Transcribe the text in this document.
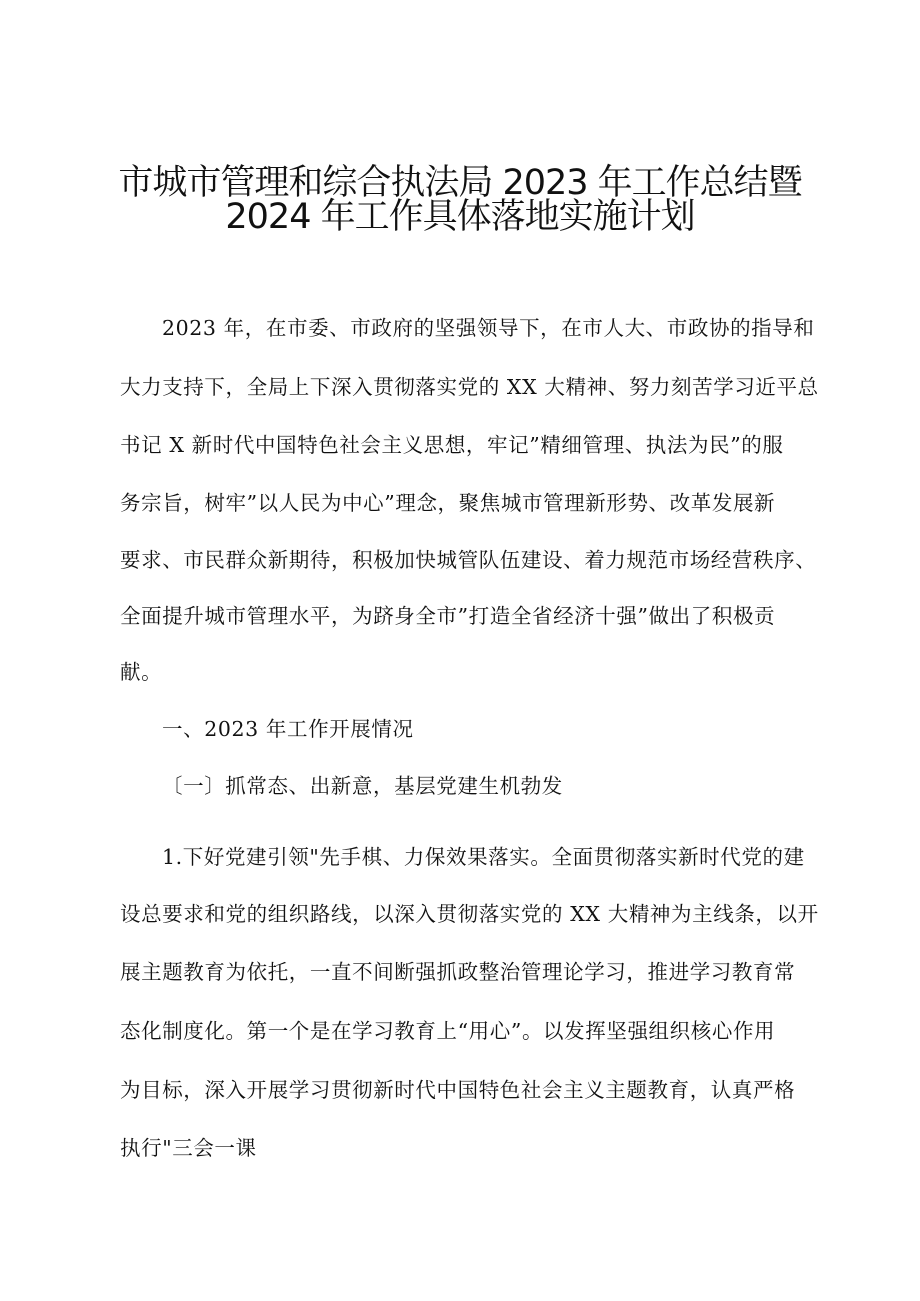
市城市管理和综合执法局 2023 年工作总结暨
2024 年工作具体落地实施计划
2023 年，在市委、市政府的坚强领导下，在市人大、市政协的指导和
大力支持下，全局上下深入贯彻落实党的 XX 大精神、努力刻苦学习近平总
书记 X 新时代中国特色社会主义思想，牢记”精细管理、执法为民”的服
务宗旨，树牢”以人民为中心”理念，聚焦城市管理新形势、改革发展新
要求、市民群众新期待，积极加快城管队伍建设、着力规范市场经营秩序、
全面提升城市管理水平，为跻身全市”打造全省经济十强”做出了积极贡
献。
一、2023 年工作开展情况
〔一〕抓常态、出新意，基层党建生机勃发
1.下好党建引领"先手棋、力保效果落实。全面贯彻落实新时代党的建
设总要求和党的组织路线，以深入贯彻落实党的 XX 大精神为主线条，以开
展主题教育为依托，一直不间断强抓政整治管理论学习，推进学习教育常
态化制度化。第一个是在学习教育上“用心”。以发挥坚强组织核心作用
为目标，深入开展学习贯彻新时代中国特色社会主义主题教育，认真严格
执行"三会一课
